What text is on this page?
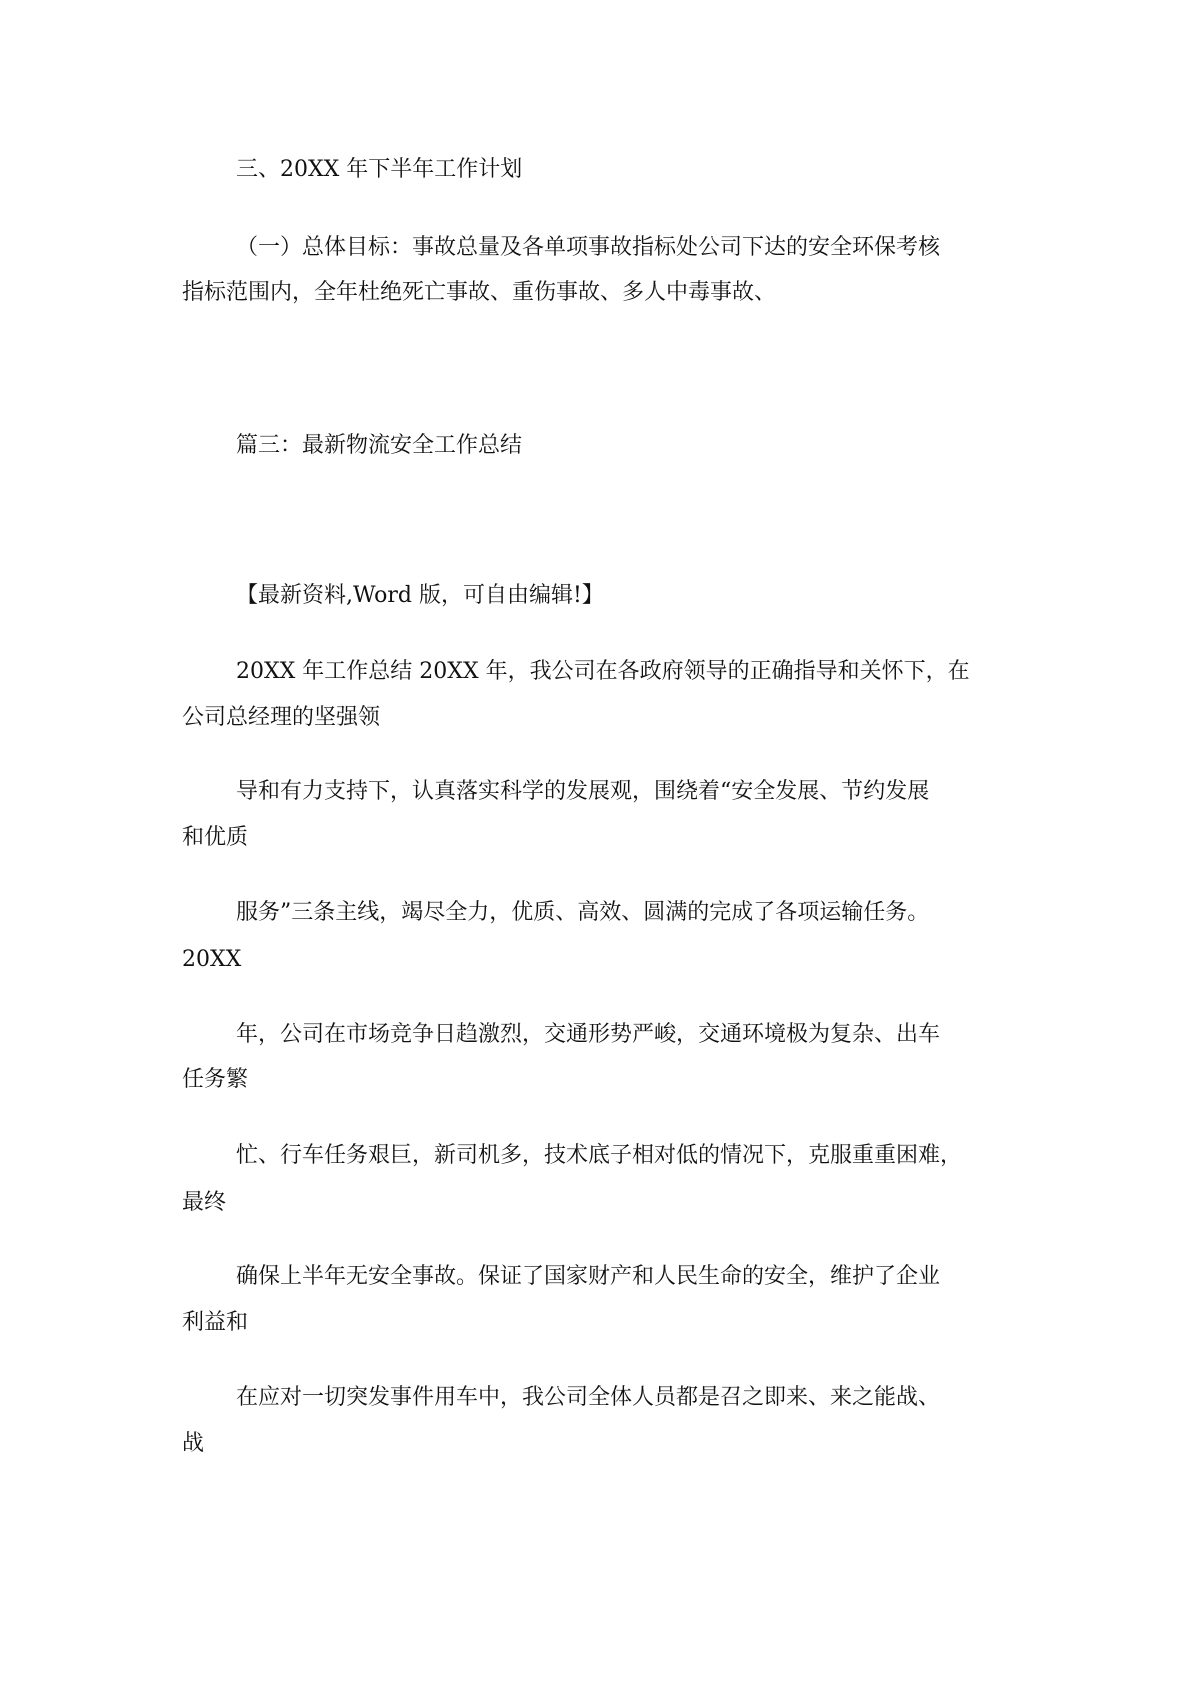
三、20XX 年下半年工作计划
（一）总体目标：事故总量及各单项事故指标处公司下达的安全环保考核
指标范围内，全年杜绝死亡事故、重伤事故、多人中毒事故、
篇三：最新物流安全工作总结
【最新资料,Word 版，可自由编辑!】
20XX 年工作总结 20XX 年，我公司在各政府领导的正确指导和关怀下，在
公司总经理的坚强领
导和有力支持下，认真落实科学的发展观，围绕着“安全发展、节约发展
和优质
服务”三条主线，竭尽全力，优质、高效、圆满的完成了各项运输任务。
20XX
年，公司在市场竞争日趋激烈，交通形势严峻，交通环境极为复杂、出车
任务繁
忙、行车任务艰巨，新司机多，技术底子相对低的情况下，克服重重困难，
最终
确保上半年无安全事故。保证了国家财产和人民生命的安全，维护了企业
利益和
在应对一切突发事件用车中，我公司全体人员都是召之即来、来之能战、
战
